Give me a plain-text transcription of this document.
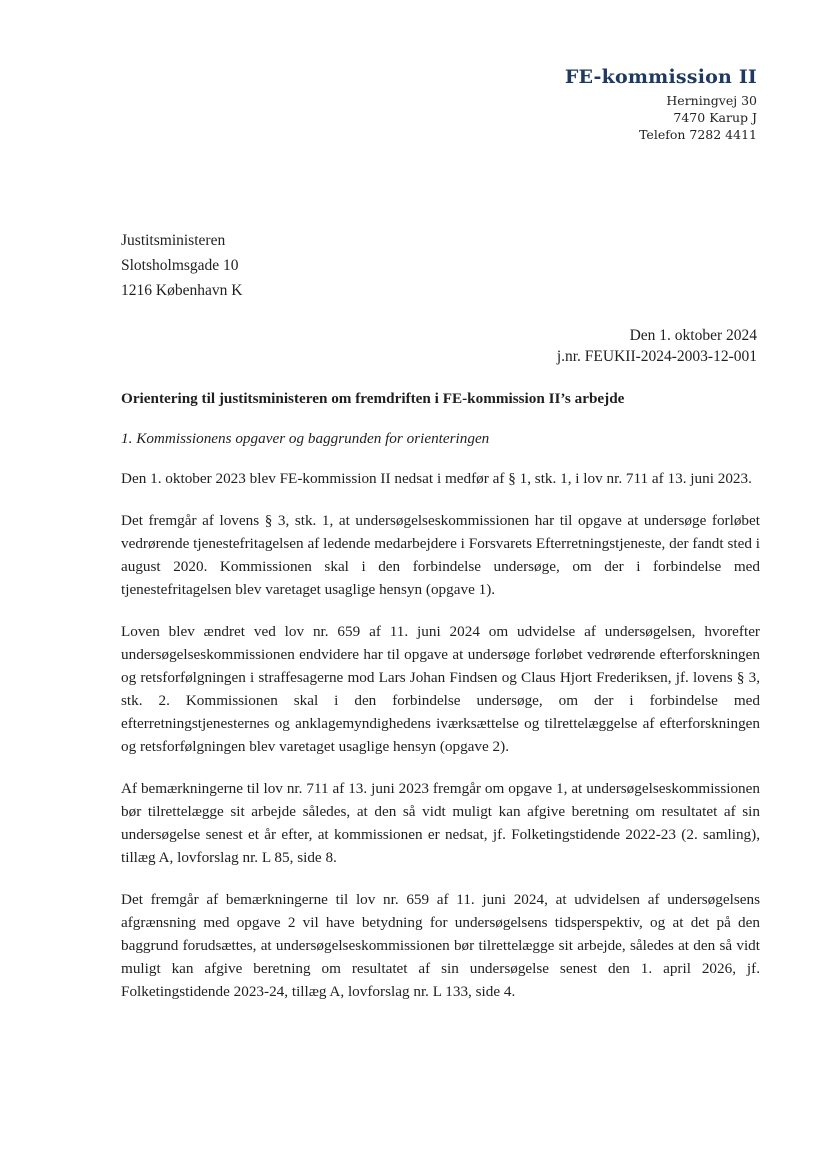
FE-kommission II
Herningvej 30
7470 Karup J
Telefon 7282 4411
Justitsministeren
Slotsholmsgade 10
1216 København K
Den 1. oktober 2024
j.nr. FEUKII-2024-2003-12-001

Orientering til justitsministeren om fremdriften i FE-kommission II’s arbejde

1. Kommissionens opgaver og baggrunden for orienteringen

Den 1. oktober 2023 blev FE-kommission II nedsat i medfør af § 1, stk. 1, i lov nr. 711 af 13. juni 2023.

Det fremgår af lovens § 3, stk. 1, at undersøgelseskommissionen har til opgave at undersøge forløbet vedrørende tjenestefritagelsen af ledende medarbejdere i Forsvarets Efterretningstjeneste, der fandt sted i august 2020. Kommissionen skal i den forbindelse undersøge, om der i forbindelse med tjenestefritagelsen blev varetaget usaglige hensyn (opgave 1).

Loven blev ændret ved lov nr. 659 af 11. juni 2024 om udvidelse af undersøgelsen, hvorefter undersøgelseskommissionen endvidere har til opgave at undersøge forløbet vedrørende efterforskningen og retsforfølgningen i straffesagerne mod Lars Johan Findsen og Claus Hjort Frederiksen, jf. lovens § 3, stk. 2. Kommissionen skal i den forbindelse undersøge, om der i forbindelse med efterretningstjenesternes og anklagemyndighedens iværksættelse og tilrettelæggelse af efterforskningen og retsforfølgningen blev varetaget usaglige hensyn (opgave 2).

Af bemærkningerne til lov nr. 711 af 13. juni 2023 fremgår om opgave 1, at undersøgelseskommissionen bør tilrettelægge sit arbejde således, at den så vidt muligt kan afgive beretning om resultatet af sin undersøgelse senest et år efter, at kommissionen er nedsat, jf. Folketingstidende 2022-23 (2. samling), tillæg A, lovforslag nr. L 85, side 8.

Det fremgår af bemærkningerne til lov nr. 659 af 11. juni 2024, at udvidelsen af undersøgelsens afgrænsning med opgave 2 vil have betydning for undersøgelsens tidsperspektiv, og at det på den baggrund forudsættes, at undersøgelseskommissionen bør tilrettelægge sit arbejde, således at den så vidt muligt kan afgive beretning om resultatet af sin undersøgelse senest den 1. april 2026, jf. Folketingstidende 2023-24, tillæg A, lovforslag nr. L 133, side 4.
